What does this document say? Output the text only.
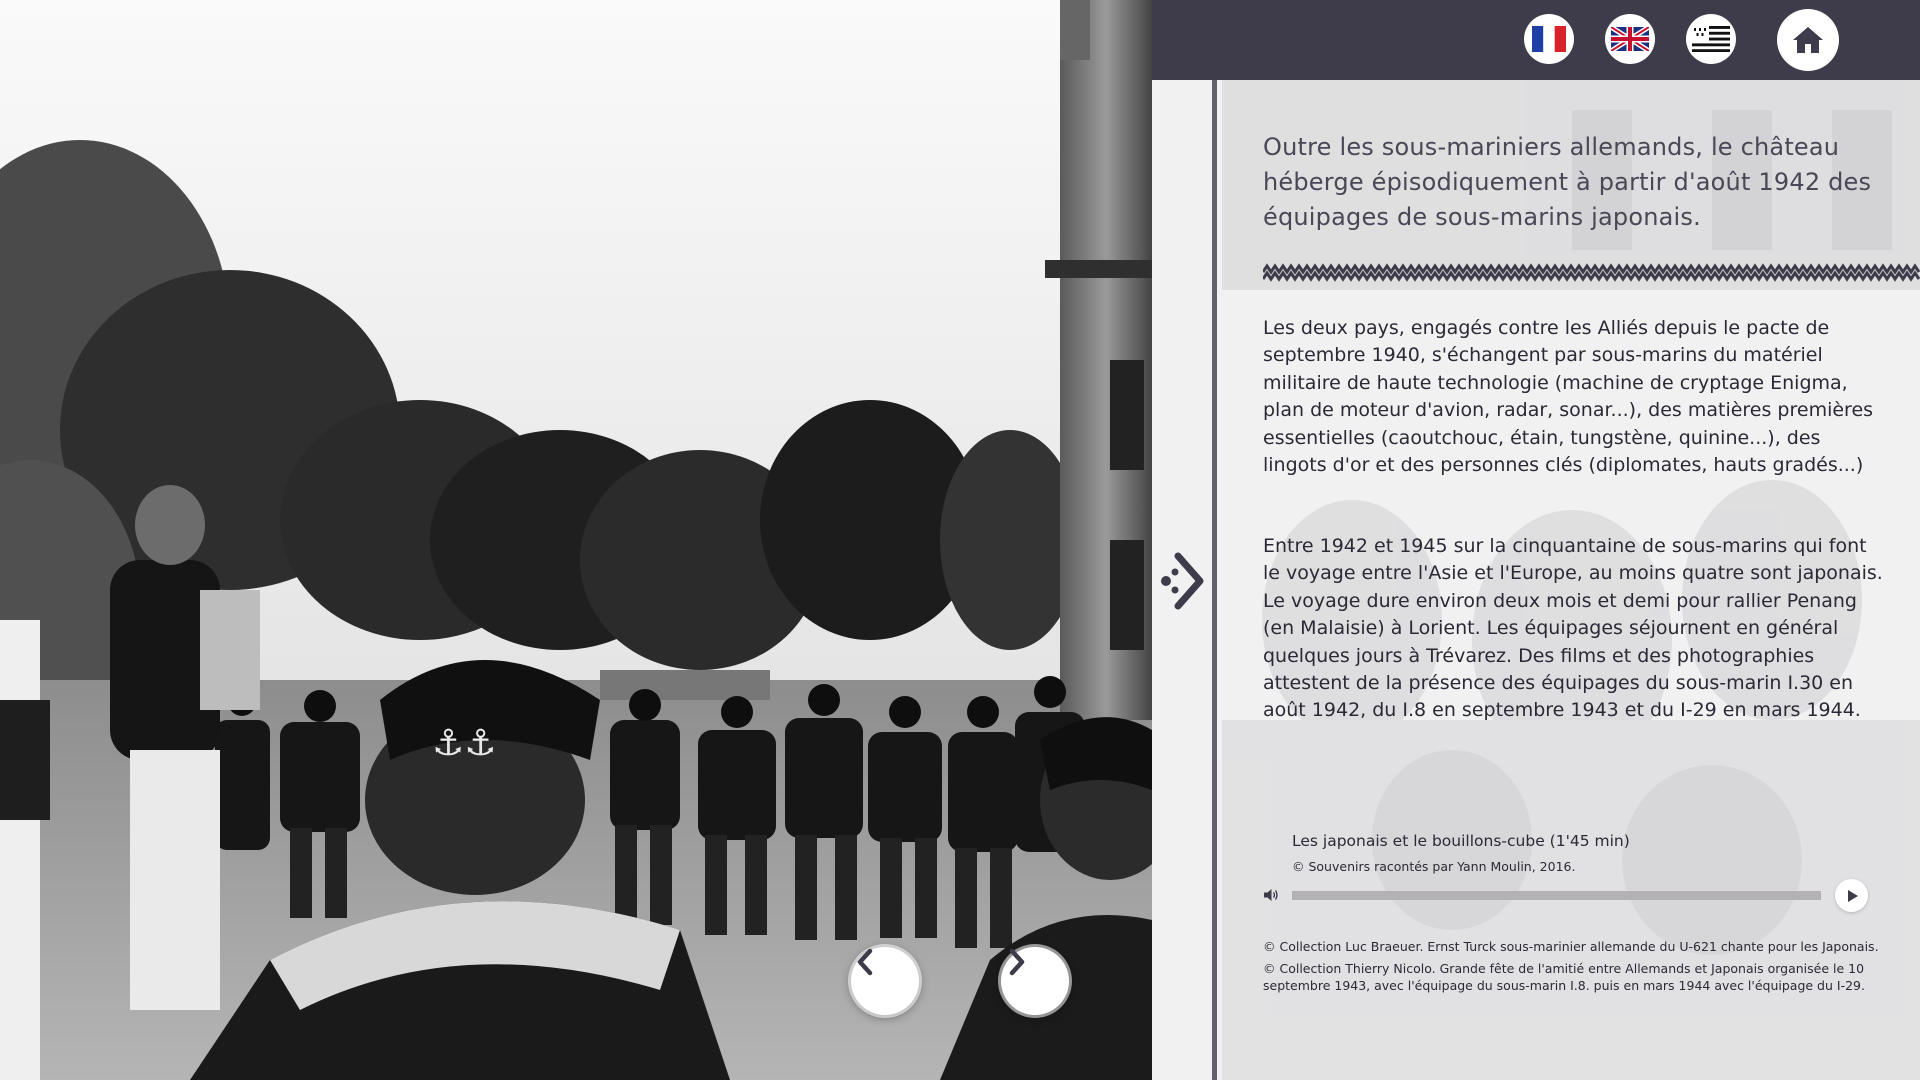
⚓⚓
Outre les sous-mariniers allemands, le château héberge épisodiquement à partir d'août 1942 des équipages de sous-marins japonais.

Les deux pays, engagés contre les Alliés depuis le pacte de septembre 1940, s'échangent par sous-marins du matériel militaire de haute technologie (machine de cryptage Enigma, plan de moteur d'avion, radar, sonar...), des matières premières essentielles (caoutchouc, étain, tungstène, quinine...), des lingots d'or et des personnes clés (diplomates, hauts gradés...)

Entre 1942 et 1945 sur la cinquantaine de sous-marins qui font le voyage entre l'Asie et l'Europe, au moins quatre sont japonais. Le voyage dure environ deux mois et demi pour rallier Penang (en Malaisie) à Lorient. Les équipages séjournent en général quelques jours à Trévarez. Des films et des photographies attestent de la présence des équipages du sous-marin I.30 en août 1942, du I.8 en septembre 1943 et du I-29 en mars 1944.

Les japonais et le bouillons-cube (1'45 min)
© Souvenirs racontés par Yann Moulin, 2016.

© Collection Luc Braeuer. Ernst Turck sous-marinier allemande du U-621 chante pour les Japonais.

© Collection Thierry Nicolo. Grande fête de l'amitié entre Allemands et Japonais organisée le 10 septembre 1943, avec l'équipage du sous-marin I.8. puis en mars 1944 avec l'équipage du I-29.
